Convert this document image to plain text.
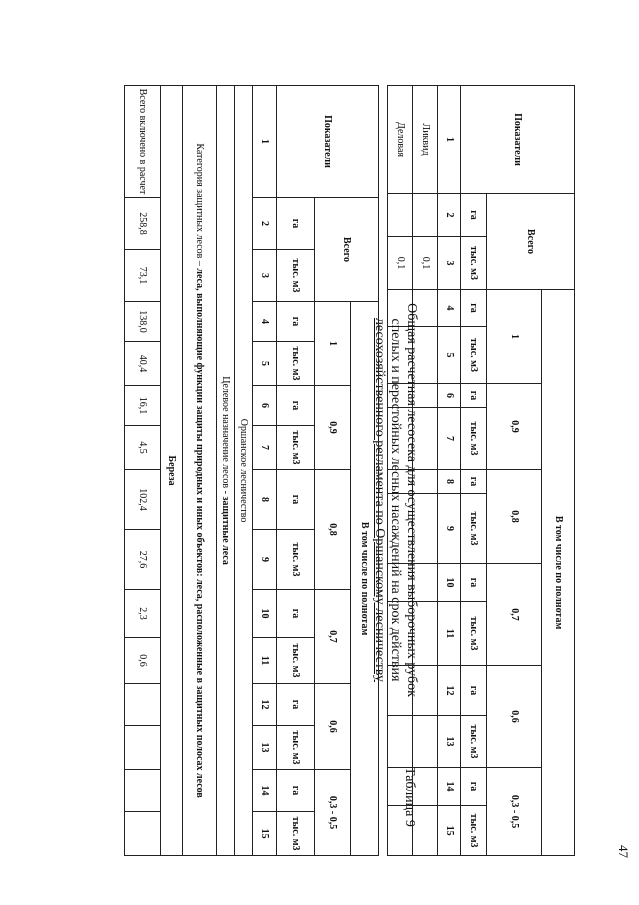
47
Таблица 9
Показатели	Всего		В том числе по полнотам											
			1		0,9		0,8		0,7		0,6		0,3 - 0,5	
	га	тыс. м3	га	тыс. м3	га	тыс. м3	га	тыс. м3	га	тыс. м3	га	тыс. м3	га	тыс. м3
1	2	3	4	5	6	7	8	9	10	11	12	13	14	15
Ликвид		0,1												
Деловая		0,1												
Общая расчетная лесосека для осуществления выборочных рубок
спелых и перестойных лесных насаждений на срок действия
лесохозяйственного регламента по Оршанскому лесничеству
Показатели	Всего		В том числе по полнотам											
			1		0,9		0,8		0,7		0,6		0,3 - 0,5	
	га	тыс. м3	га	тыс. м3	га	тыс. м3	га	тыс. м3	га	тыс. м3	га	тыс. м3	га	тыс. м3
1	2	3	4	5	6	7	8	9	10	11	12	13	14	15
Оршанское лесничество														
Целевое назначение лесов - защитные леса														
Категория защитных лесов – леса, выполняющие функции защиты природных и иных объектов: леса, расположенные в защитных полосах лесов														
Береза														
Всего включено в расчет	258,8	73,1	138,0	40,4	16,1	4,5	102,4	27,6	2,3	0,6				
